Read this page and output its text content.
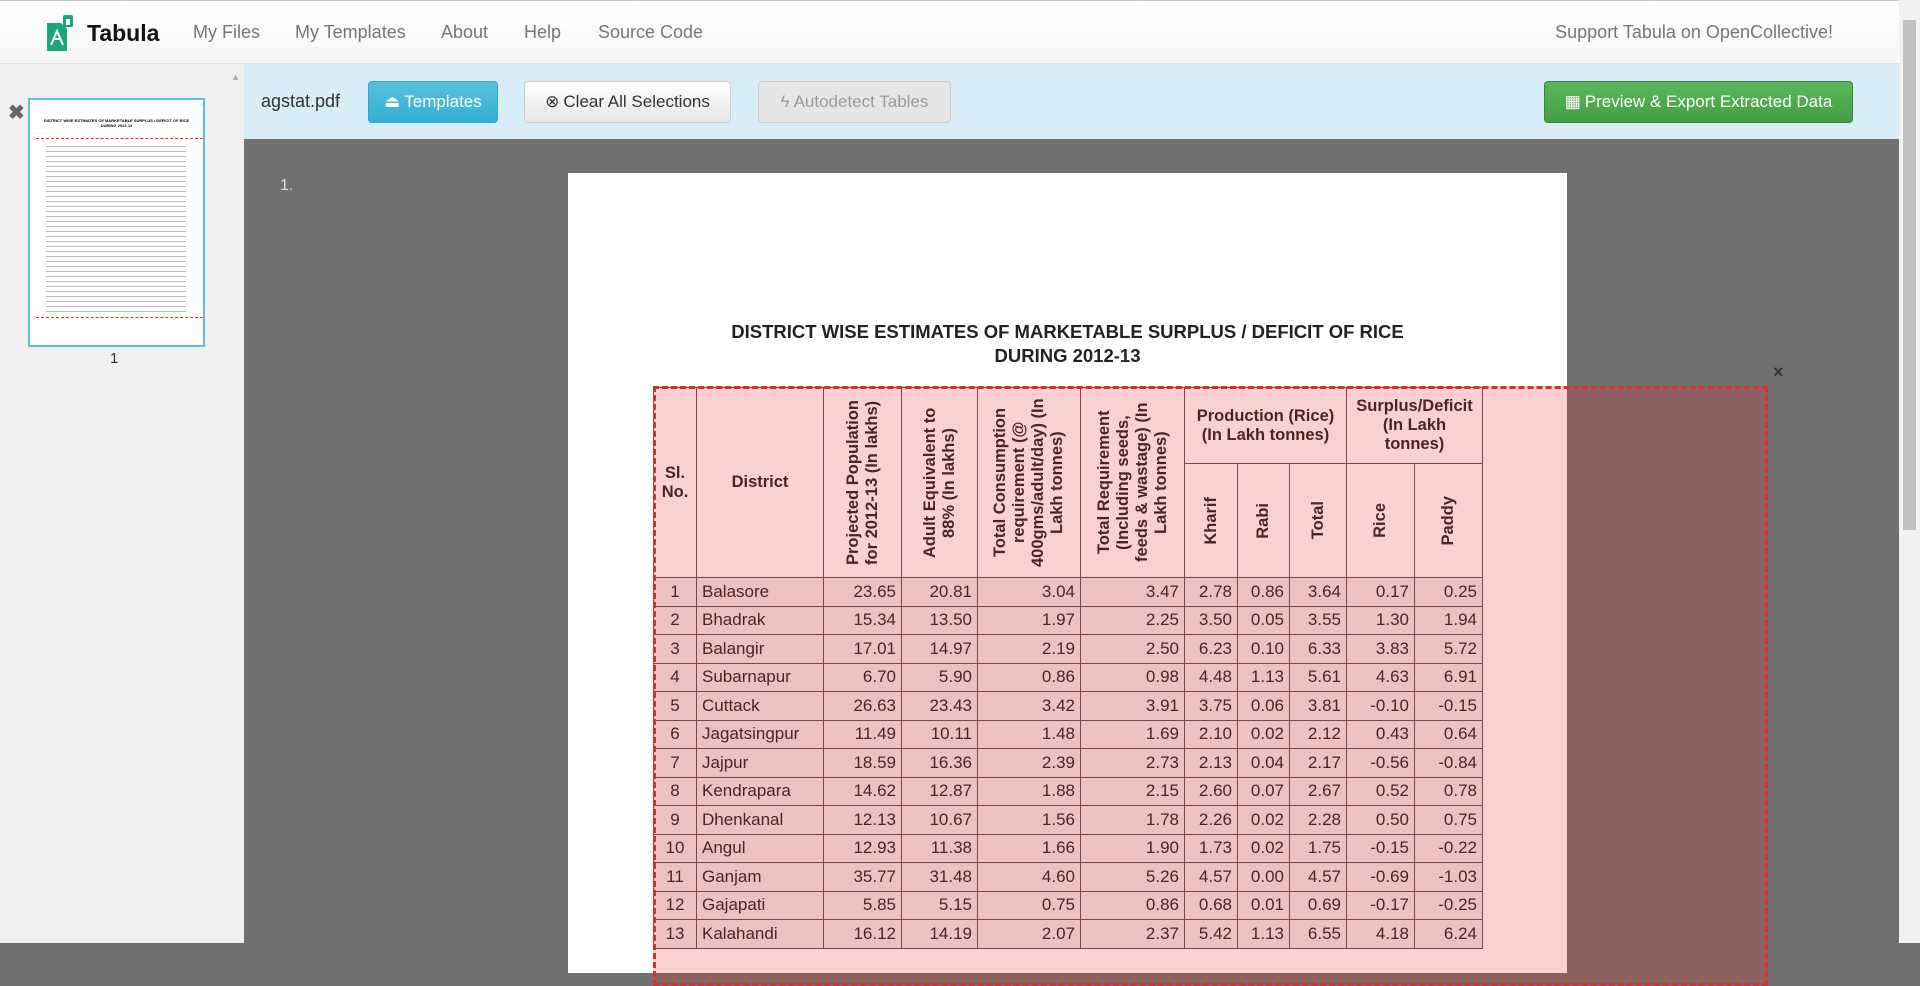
Tabula My Files My Templates About Help Source Code	Support Tabula on OpenCollective!
▲
✖	DISTRICT WISE ESTIMATES OF MARKETABLE SURPLUS / DEFICIT OF RICE DURING 2012-13
1
agstat.pdf	⏏ Templates	⊗ Clear All Selections	ϟ Autodetect Tables	▦ Preview & Export Extracted Data
1.
DISTRICT WISE ESTIMATES OF MARKETABLE SURPLUS / DEFICIT OF RICE
DURING 2012-13
Sl. No.	District	Projected Population for 2012-13 (In lakhs)	Adult Equivalent to 88% (In lakhs)	Total Consumption requirement (@ 400gms/adult/day) (In Lakh tonnes)	Total Requirement (Including seeds, feeds & wastage) (In Lakh tonnes)	Production (Rice) (In Lakh tonnes)			Surplus/Deficit (In Lakh tonnes)	

						Kharif	Rabi	Total	Rice	Paddy

1	Balasore	23.65	20.81	3.04	3.47	2.78	0.86	3.64	0.17	0.25
2	Bhadrak	15.34	13.50	1.97	2.25	3.50	0.05	3.55	1.30	1.94
3	Balangir	17.01	14.97	2.19	2.50	6.23	0.10	6.33	3.83	5.72
4	Subarnapur	6.70	5.90	0.86	0.98	4.48	1.13	5.61	4.63	6.91
5	Cuttack	26.63	23.43	3.42	3.91	3.75	0.06	3.81	-0.10	-0.15
6	Jagatsingpur	11.49	10.11	1.48	1.69	2.10	0.02	2.12	0.43	0.64
7	Jajpur	18.59	16.36	2.39	2.73	2.13	0.04	2.17	-0.56	-0.84
8	Kendrapara	14.62	12.87	1.88	2.15	2.60	0.07	2.67	0.52	0.78
9	Dhenkanal	12.13	10.67	1.56	1.78	2.26	0.02	2.28	0.50	0.75
10	Angul	12.93	11.38	1.66	1.90	1.73	0.02	1.75	-0.15	-0.22
11	Ganjam	35.77	31.48	4.60	5.26	4.57	0.00	4.57	-0.69	-1.03
12	Gajapati	5.85	5.15	0.75	0.86	0.68	0.01	0.69	-0.17	-0.25
13	Kalahandi	16.12	14.19	2.07	2.37	5.42	1.13	6.55	4.18	6.24
×
